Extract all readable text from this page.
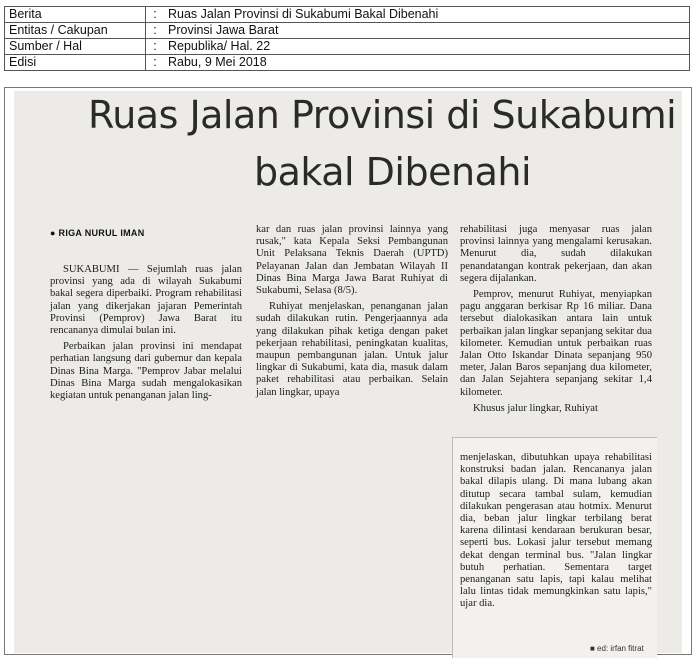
Berita	:	Ruas Jalan Provinsi di Sukabumi Bakal Dibenahi
Entitas / Cakupan	:	Provinsi Jawa Barat
Sumber / Hal	:	Republika/ Hal. 22
Edisi	:	Rabu, 9 Mei 2018
Ruas Jalan Provinsi di Sukabumi
bakal Dibenahi
● RIGA NURUL IMAN

SUKABUMI — Sejumlah ruas jalan provinsi yang ada di wilayah Sukabumi bakal segera diperbaiki. Program rehabilitasi jalan yang dikerjakan jajaran Pemerintah Provinsi (Pemprov) Jawa Barat itu rencananya dimulai bulan ini.

Perbaikan jalan provinsi ini mendapat perhatian langsung dari gubernur dan kepala Dinas Bina Marga. "Pemprov Jabar melalui Dinas Bina Marga sudah mengalokasikan kegiatan untuk penanganan jalan ling-

kar dan ruas jalan provinsi lainnya yang rusak," kata Kepala Seksi Pembangunan Unit Pelaksana Teknis Daerah (UPTD) Pelayanan Jalan dan Jembatan Wilayah II Dinas Bina Marga Jawa Barat Ruhiyat di Sukabumi, Selasa (8/5).

Ruhiyat menjelaskan, penanganan jalan sudah dilakukan rutin. Pengerjaannya ada yang dilakukan pihak ketiga dengan paket pekerjaan rehabilitasi, peningkatan kualitas, maupun pembangunan jalan. Untuk jalur lingkar di Sukabumi, kata dia, masuk dalam paket rehabilitasi atau perbaikan. Selain jalan lingkar, upaya

rehabilitasi juga menyasar ruas jalan provinsi lainnya yang mengalami kerusakan. Menurut dia, sudah dilakukan penandatangan kontrak pekerjaan, dan akan segera dijalankan.

Pemprov, menurut Ruhiyat, menyiapkan pagu anggaran berkisar Rp 16 miliar. Dana tersebut dialokasikan antara lain untuk perbaikan jalan lingkar sepanjang sekitar dua kilometer. Kemudian untuk perbaikan ruas Jalan Otto Iskandar Dinata sepanjang 950 meter, Jalan Baros sepanjang dua kilometer, dan Jalan Sejahtera sepanjang sekitar 1,4 kilometer.

Khusus jalur lingkar, Ruhiyat

menjelaskan, dibutuhkan upaya rehabilitasi konstruksi badan jalan. Rencananya jalan bakal dilapis ulang. Di mana lubang akan ditutup secara tambal sulam, kemudian dilakukan pengerasan atau hotmix. Menurut dia, beban jalur lingkar terbilang berat karena dilintasi kendaraan berukuran besar, seperti bus. Lokasi jalur tersebut memang dekat dengan terminal bus. "Jalan lingkar butuh perhatian. Sementara target penanganan satu lapis, tapi kalau melihat lalu lintas tidak memungkinkan satu lapis," ujar dia.

■ ed: irfan fitrat
